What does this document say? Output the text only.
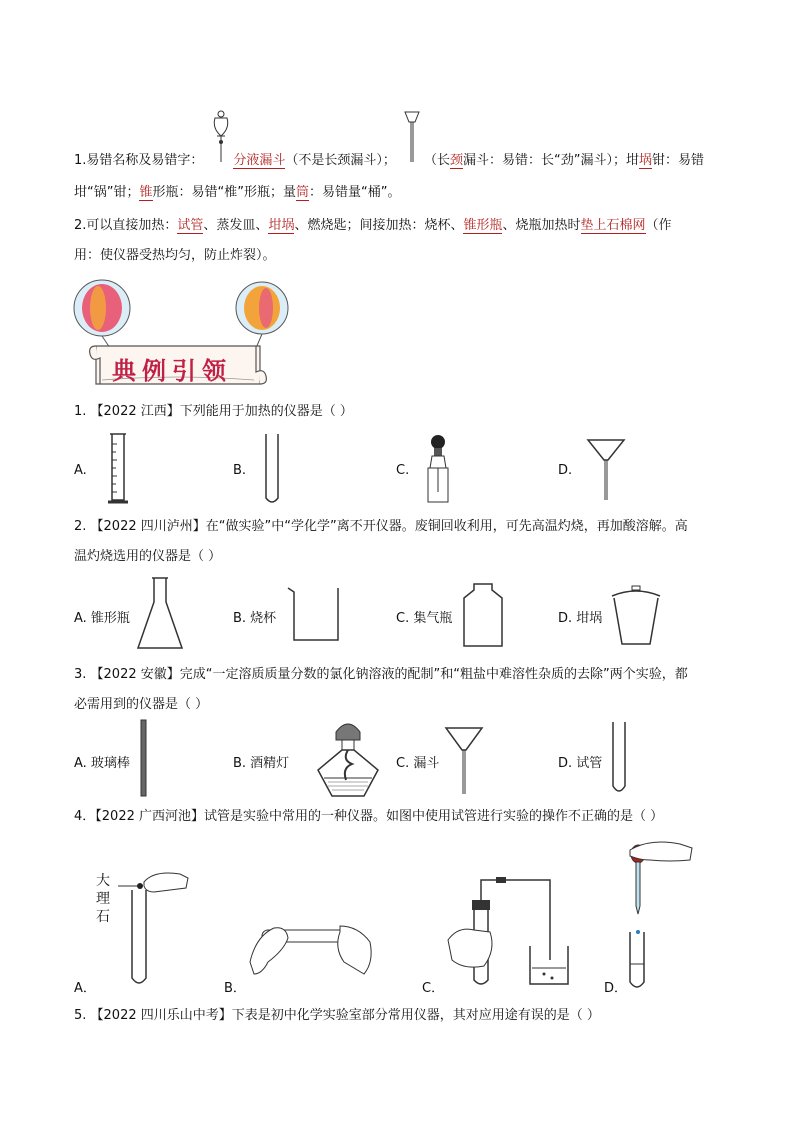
1.易错名称及易错字： 分液漏斗（不是长颈漏斗）； （长颈漏斗：易错：长“劲”漏斗）；坩埚钳：易错
坩“锅”钳；锥形瓶：易错“椎”形瓶；量筒：易错量“桶”。
2.可以直接加热：试管、蒸发皿、坩埚、燃烧匙；间接加热：烧杯、锥形瓶、烧瓶加热时垫上石棉网（作
用：使仪器受热均匀，防止炸裂）。
典例引领
1. 【2022 江西】下列能用于加热的仪器是（ ）
A.	B.	C.	D.
2. 【2022 四川泸州】在“做实验”中“学化学”离不开仪器。废铜回收利用，可先高温灼烧，再加酸溶解。高
温灼烧选用的仪器是（ ）
A. 锥形瓶	B. 烧杯	C. 集气瓶	D. 坩埚
3. 【2022 安徽】完成“一定溶质质量分数的氯化钠溶液的配制”和“粗盐中难溶性杂质的去除”两个实验，都
必需用到的仪器是（ ）
A. 玻璃棒	B. 酒精灯	C. 漏斗	D. 试管
4．【2022 广西河池】试管是实验中常用的一种仪器。如图中使用试管进行实验的操作不正确的是（ ）
大
理
石
A．	B．	C．	D．
5. 【2022 四川乐山中考】下表是初中化学实验室部分常用仪器，其对应用途有误的是（ ）
